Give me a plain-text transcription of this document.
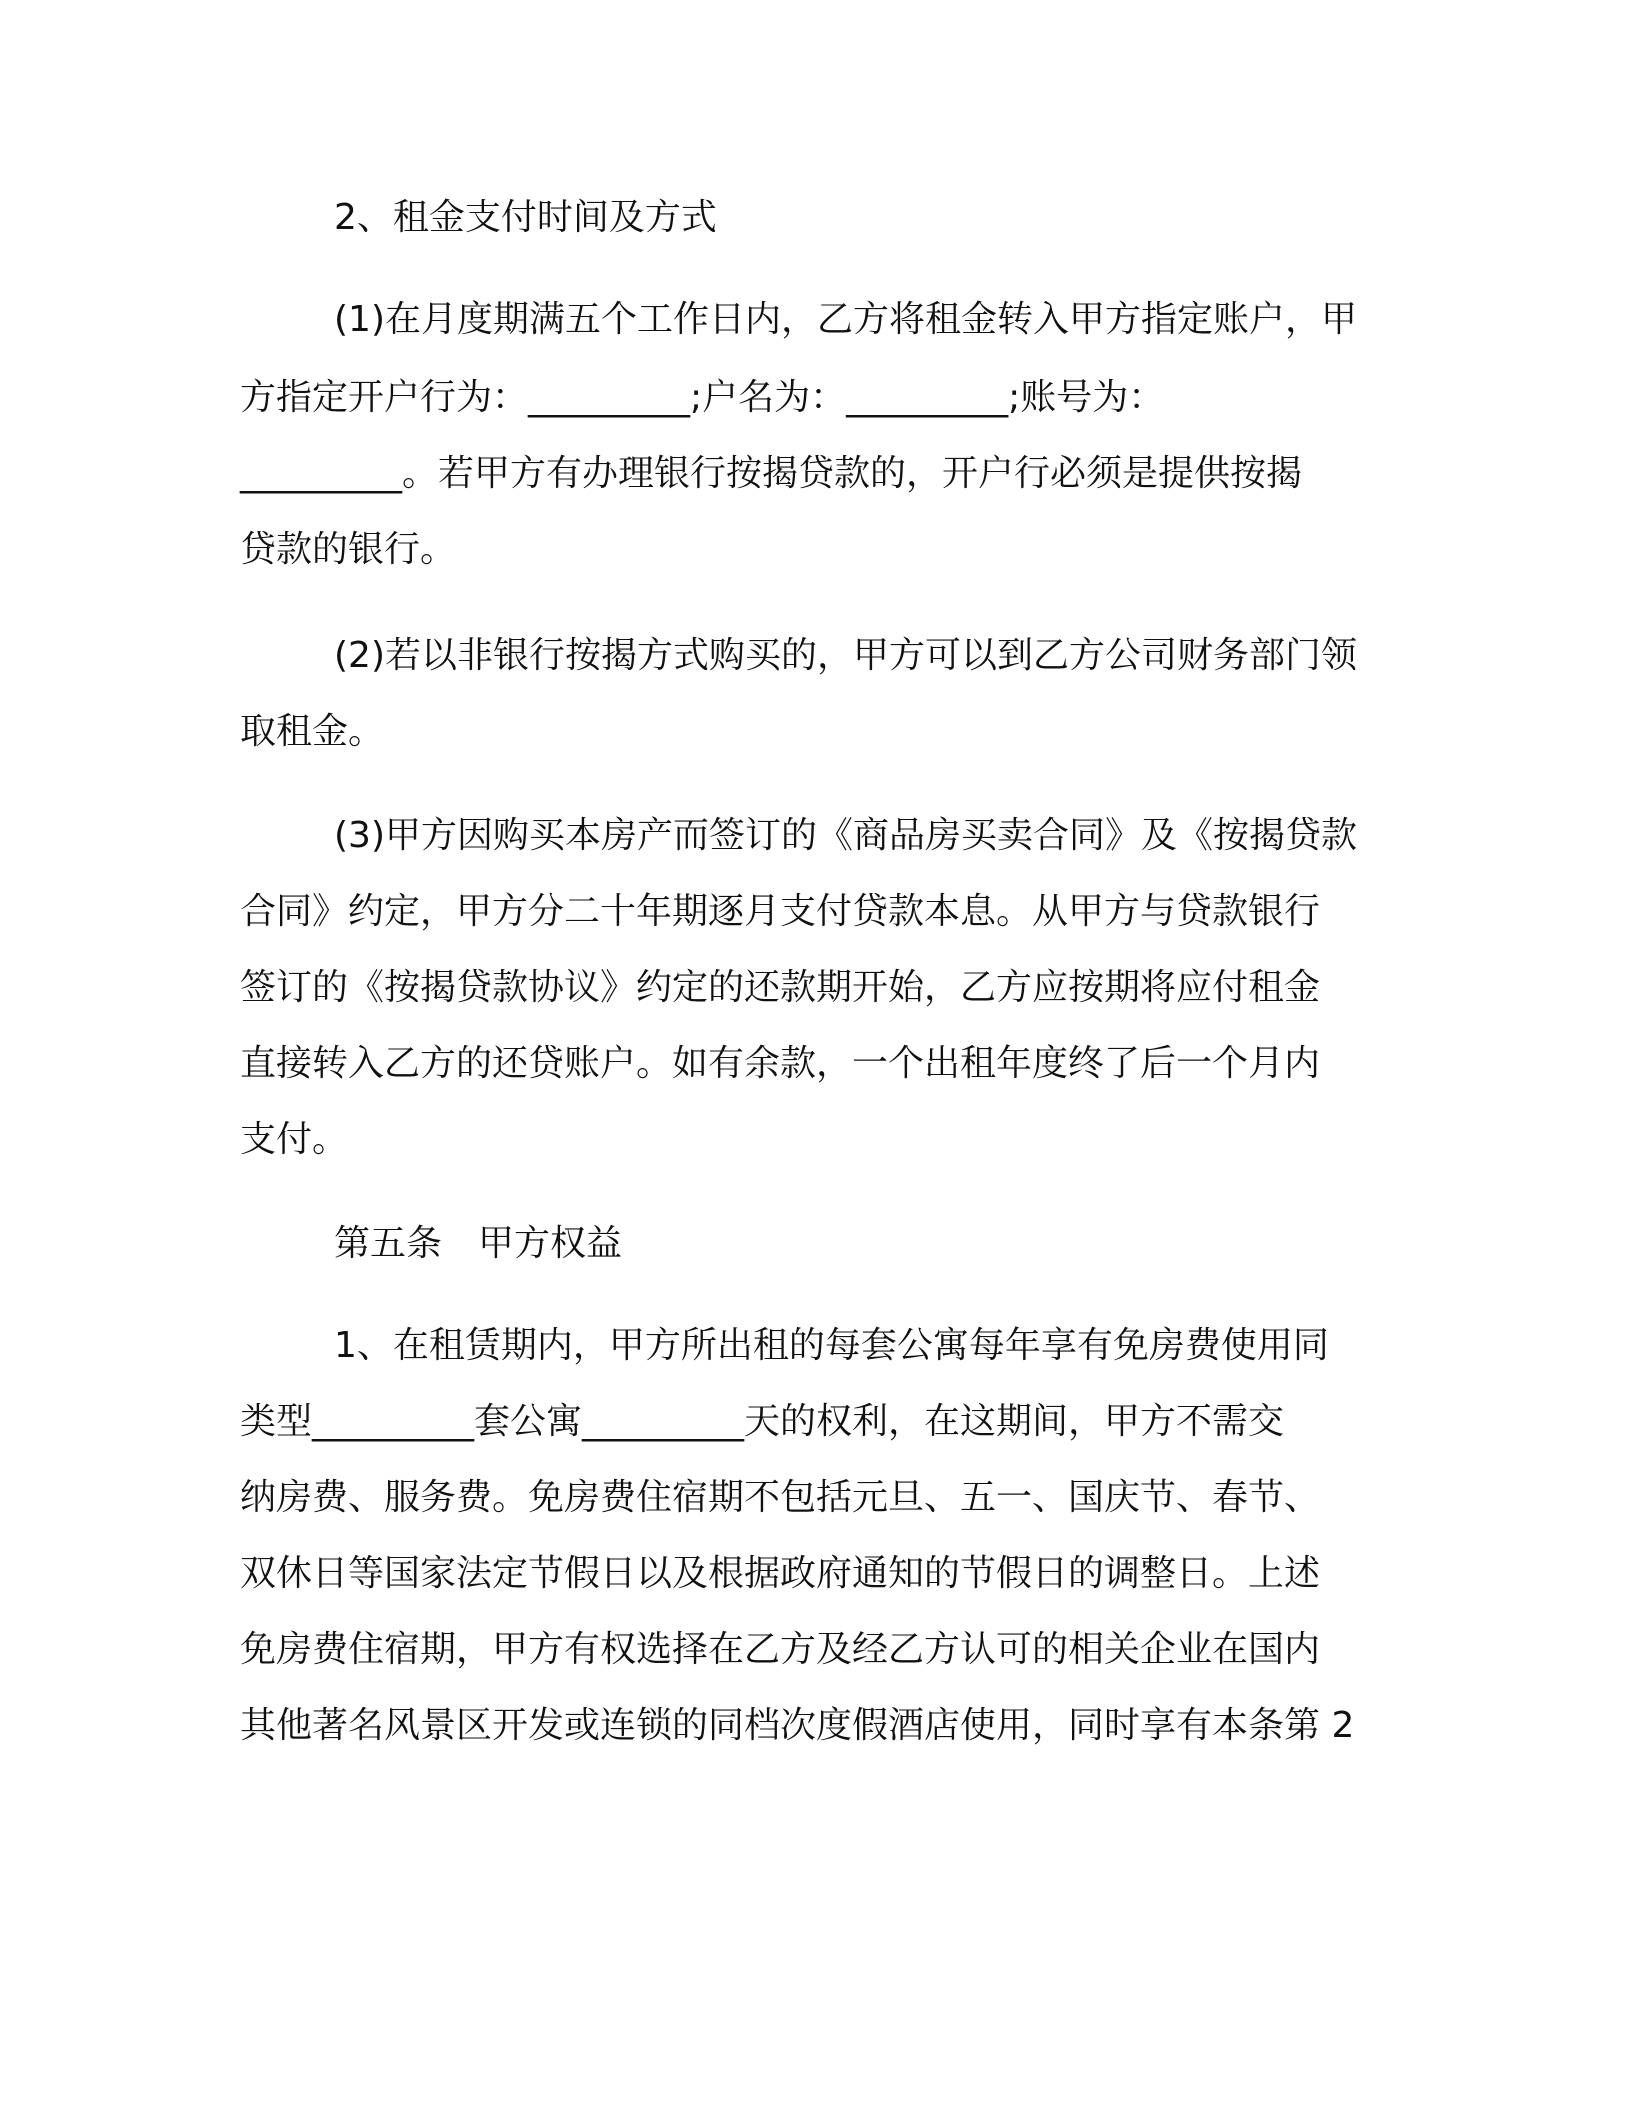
2、租金支付时间及方式
(1)在月度期满五个工作日内，乙方将租金转入甲方指定账户，甲
方指定开户行为：_________;户名为：_________;账号为：
_________。若甲方有办理银行按揭贷款的，开户行必须是提供按揭
贷款的银行。
(2)若以非银行按揭方式购买的，甲方可以到乙方公司财务部门领
取租金。
(3)甲方因购买本房产而签订的《商品房买卖合同》及《按揭贷款
合同》约定，甲方分二十年期逐月支付贷款本息。从甲方与贷款银行
签订的《按揭贷款协议》约定的还款期开始，乙方应按期将应付租金
直接转入乙方的还贷账户。如有余款，一个出租年度终了后一个月内
支付。
第五条　甲方权益
1、在租赁期内，甲方所出租的每套公寓每年享有免房费使用同
类型_________套公寓_________天的权利，在这期间，甲方不需交
纳房费、服务费。免房费住宿期不包括元旦、五一、国庆节、春节、
双休日等国家法定节假日以及根据政府通知的节假日的调整日。上述
免房费住宿期，甲方有权选择在乙方及经乙方认可的相关企业在国内
其他著名风景区开发或连锁的同档次度假酒店使用，同时享有本条第 2
